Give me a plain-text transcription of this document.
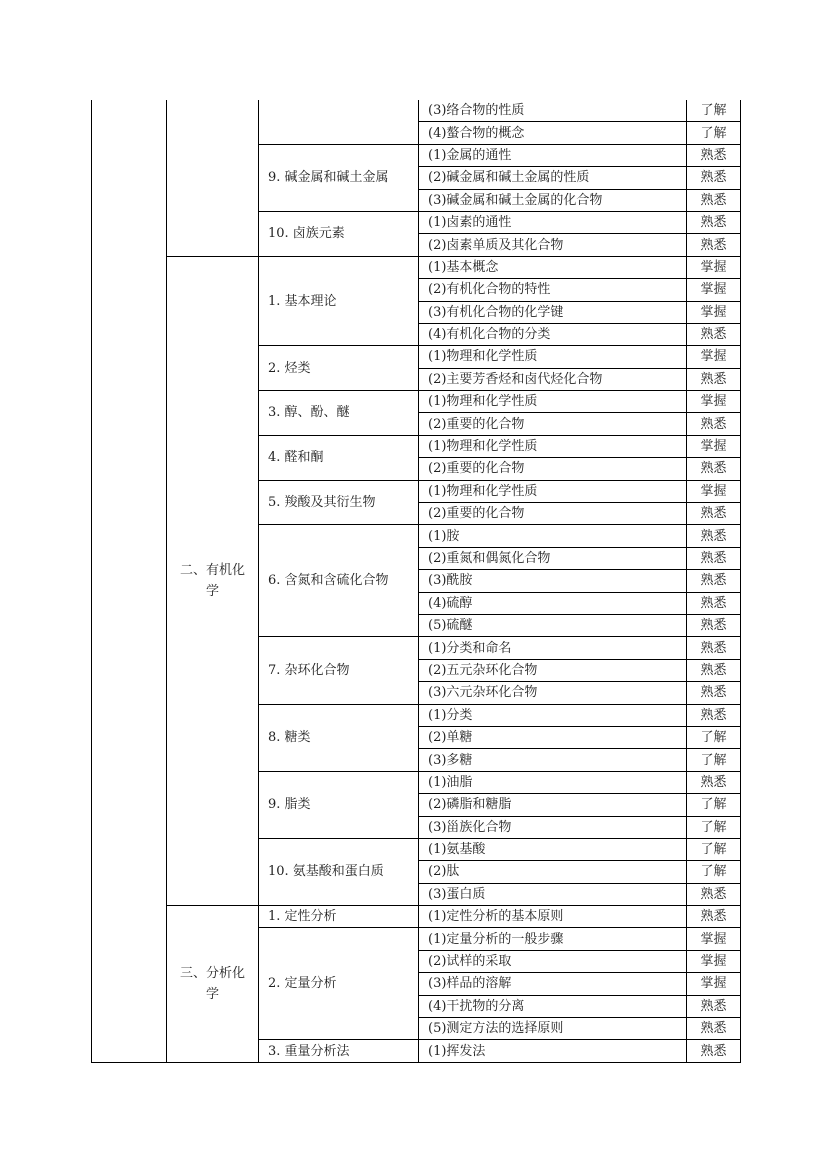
			(3)络合物的性质	了解
			(4)螯合物的概念	了解
		9. 碱金属和碱土金属	(1)金属的通性	熟悉
			(2)碱金属和碱土金属的性质	熟悉
			(3)碱金属和碱土金属的化合物	熟悉
		10. 卤族元素	(1)卤素的通性	熟悉
			(2)卤素单质及其化合物	熟悉
	二、有机化学	1. 基本理论	(1)基本概念	掌握
			(2)有机化合物的特性	掌握
			(3)有机化合物的化学键	掌握
			(4)有机化合物的分类	熟悉
		2. 烃类	(1)物理和化学性质	掌握
			(2)主要芳香烃和卤代烃化合物	熟悉
		3. 醇、酚、醚	(1)物理和化学性质	掌握
			(2)重要的化合物	熟悉
		4. 醛和酮	(1)物理和化学性质	掌握
			(2)重要的化合物	熟悉
		5. 羧酸及其衍生物	(1)物理和化学性质	掌握
			(2)重要的化合物	熟悉
		6. 含氮和含硫化合物	(1)胺	熟悉
			(2)重氮和偶氮化合物	熟悉
			(3)酰胺	熟悉
			(4)硫醇	熟悉
			(5)硫醚	熟悉
		7. 杂环化合物	(1)分类和命名	熟悉
			(2)五元杂环化合物	熟悉
			(3)六元杂环化合物	熟悉
		8. 糖类	(1)分类	熟悉
			(2)单糖	了解
			(3)多糖	了解
		9. 脂类	(1)油脂	熟悉
			(2)磷脂和糖脂	了解
			(3)甾族化合物	了解
		10. 氨基酸和蛋白质	(1)氨基酸	了解
			(2)肽	了解
			(3)蛋白质	熟悉
	三、分析化学	1. 定性分析	(1)定性分析的基本原则	熟悉
		2. 定量分析	(1)定量分析的一般步骤	掌握
			(2)试样的采取	掌握
			(3)样品的溶解	掌握
			(4)干扰物的分离	熟悉
			(5)测定方法的选择原则	熟悉
		3. 重量分析法	(1)挥发法	熟悉
